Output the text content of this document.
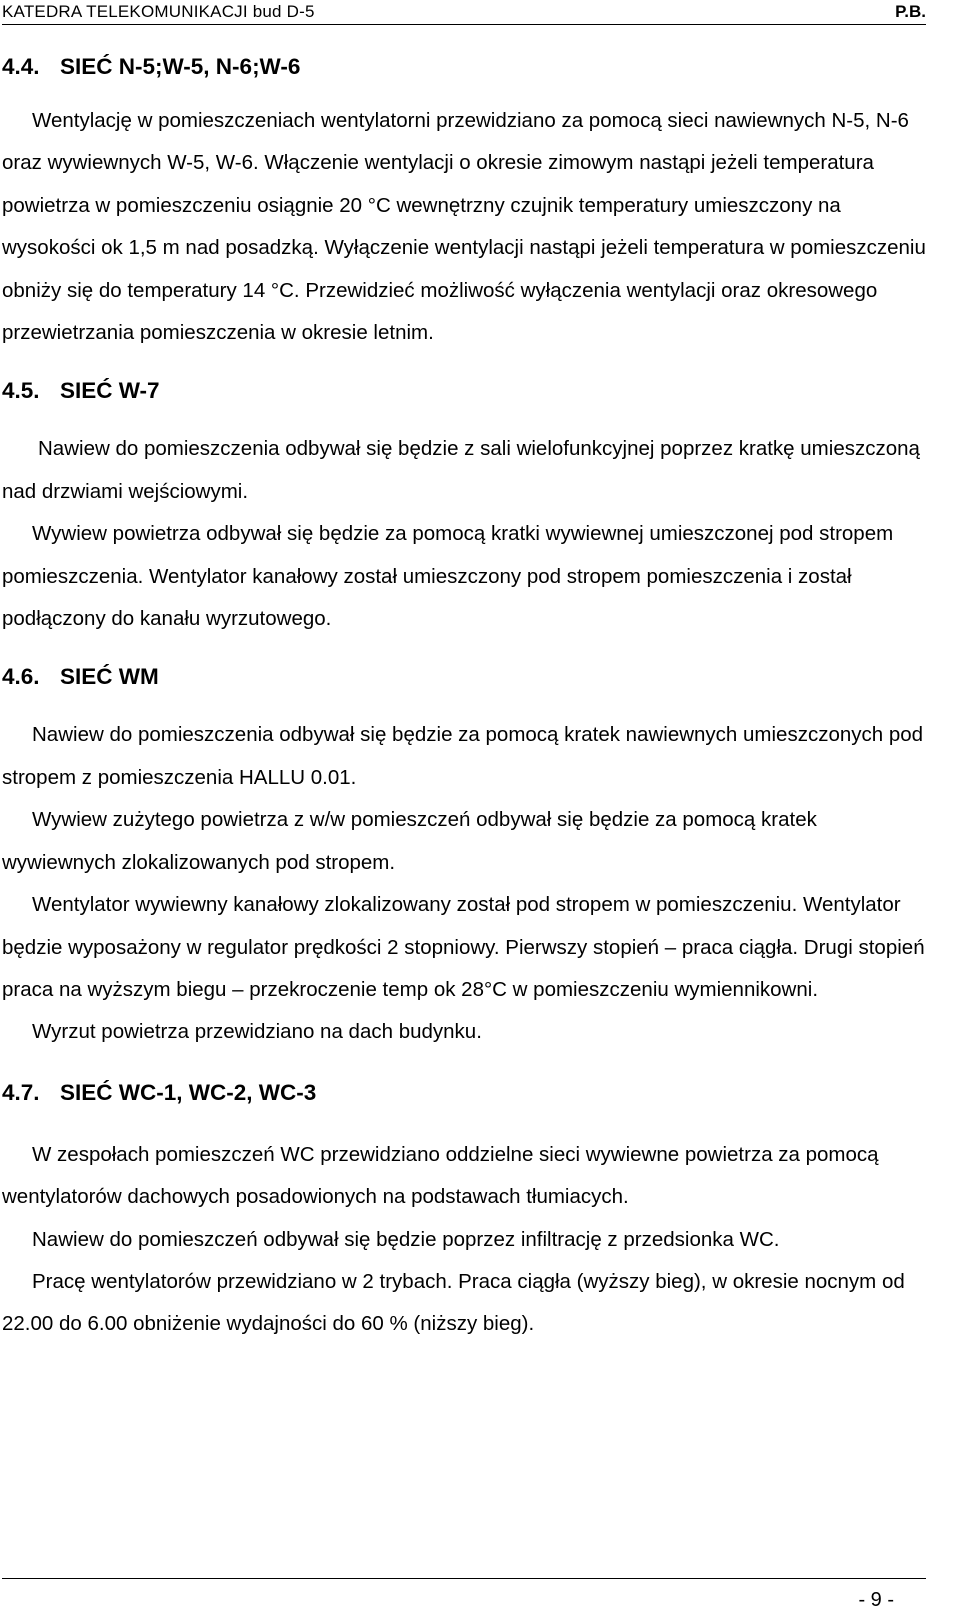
KATEDRA TELEKOMUNIKACJI bud D-5	P.B.
4.4. SIEĆ N-5;W-5, N-6;W-6

Wentylację w pomieszczeniach wentylatorni przewidziano za pomocą sieci nawiewnych N-5, N-6 oraz wywiewnych W-5, W-6. Włączenie wentylacji o okresie zimowym nastąpi jeżeli temperatura powietrza w pomieszczeniu osiągnie 20 °C wewnętrzny czujnik temperatury umieszczony na wysokości ok 1,5 m nad posadzką. Wyłączenie wentylacji nastąpi jeżeli temperatura w pomieszczeniu obniży się do temperatury 14 °C. Przewidzieć możliwość wyłączenia wentylacji oraz okresowego przewietrzania pomieszczenia w okresie letnim.

4.5. SIEĆ W-7

Nawiew do pomieszczenia odbywał się będzie z sali wielofunkcyjnej poprzez kratkę umieszczoną nad drzwiami wejściowymi.

Wywiew powietrza odbywał się będzie za pomocą kratki wywiewnej umieszczonej pod stropem pomieszczenia. Wentylator kanałowy został umieszczony pod stropem pomieszczenia i został podłączony do kanału wyrzutowego.

4.6. SIEĆ WM

Nawiew do pomieszczenia odbywał się będzie za pomocą kratek nawiewnych umieszczonych pod stropem z pomieszczenia HALLU 0.01.

Wywiew zużytego powietrza z w/w pomieszczeń odbywał się będzie za pomocą kratek wywiewnych zlokalizowanych pod stropem.

Wentylator wywiewny kanałowy zlokalizowany został pod stropem w pomieszczeniu. Wentylator będzie wyposażony w regulator prędkości 2 stopniowy. Pierwszy stopień – praca ciągła. Drugi stopień praca na wyższym biegu – przekroczenie temp ok 28°C w pomieszczeniu wymiennikowni.

Wyrzut powietrza przewidziano na dach budynku.

4.7. SIEĆ WC-1, WC-2, WC-3

W zespołach pomieszczeń WC przewidziano oddzielne sieci wywiewne powietrza za pomocą wentylatorów dachowych posadowionych na podstawach tłumiacych.

Nawiew do pomieszczeń odbywał się będzie poprzez infiltrację z przedsionka WC.

Pracę wentylatorów przewidziano w 2 trybach. Praca ciągła (wyższy bieg), w okresie nocnym od 22.00 do 6.00 obniżenie wydajności do 60 % (niższy bieg).

- 9 -
